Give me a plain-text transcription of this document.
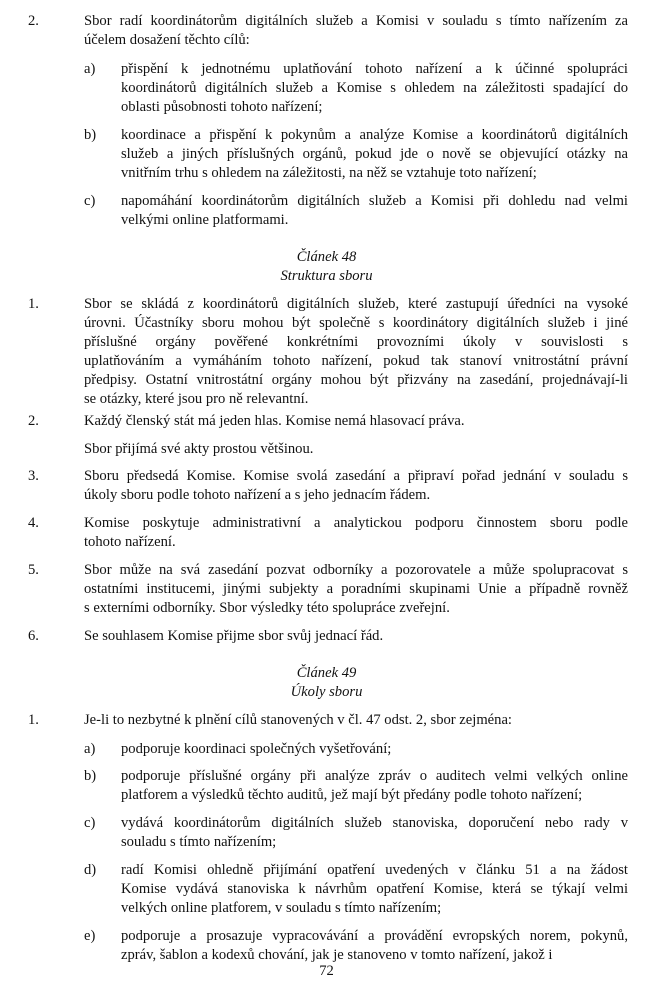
2.	Sbor radí koordinátorům digitálních služeb a Komisi v souladu s tímto nařízením za
účelem dosažení těchto cílů:
a) přispění k jednotnému uplatňování tohoto nařízení a k účinné spolupráci
koordinátorů digitálních služeb a Komise s ohledem na záležitosti spadající do
oblasti působnosti tohoto nařízení;
b) koordinace a přispění k pokynům a analýze Komise a koordinátorů digitálních
služeb a jiných příslušných orgánů, pokud jde o nově se objevující otázky na
vnitřním trhu s ohledem na záležitosti, na něž se vztahuje toto nařízení;
c) napomáhání koordinátorům digitálních služeb a Komisi při dohledu nad velmi
velkými online platformami.
Článek 48
Struktura sboru
1.	Sbor se skládá z koordinátorů digitálních služeb, které zastupují úředníci na vysoké
úrovni. Účastníky sboru mohou být společně s koordinátory digitálních služeb i jiné
příslušné orgány pověřené konkrétními provozními úkoly v souvislosti s
uplatňováním a vymáháním tohoto nařízení, pokud tak stanoví vnitrostátní právní
předpisy. Ostatní vnitrostátní orgány mohou být přizvány na zasedání, projednávají-li
se otázky, které jsou pro ně relevantní.
2.	Každý členský stát má jeden hlas. Komise nemá hlasovací práva.
Sbor přijímá své akty prostou většinou.
3.	Sboru předsedá Komise. Komise svolá zasedání a připraví pořad jednání v souladu s
úkoly sboru podle tohoto nařízení a s jeho jednacím řádem.
4.	Komise poskytuje administrativní a analytickou podporu činnostem sboru podle
tohoto nařízení.
5.	Sbor může na svá zasedání pozvat odborníky a pozorovatele a může spolupracovat s
ostatními institucemi, jinými subjekty a poradními skupinami Unie a případně rovněž
s externími odborníky. Sbor výsledky této spolupráce zveřejní.
6.	Se souhlasem Komise přijme sbor svůj jednací řád.
Článek 49
Úkoly sboru
1.	Je-li to nezbytné k plnění cílů stanovených v čl. 47 odst. 2, sbor zejména:
a) podporuje koordinaci společných vyšetřování;
b) podporuje příslušné orgány při analýze zpráv o auditech velmi velkých online
platforem a výsledků těchto auditů, jež mají být předány podle tohoto nařízení;
c) vydává koordinátorům digitálních služeb stanoviska, doporučení nebo rady v
souladu s tímto nařízením;
d) radí Komisi ohledně přijímání opatření uvedených v článku 51 a na žádost
Komise vydává stanoviska k návrhům opatření Komise, která se týkají velmi
velkých online platforem, v souladu s tímto nařízením;
e) podporuje a prosazuje vypracovávání a provádění evropských norem, pokynů,
zpráv, šablon a kodexů chování, jak je stanoveno v tomto nařízení, jakož i
72
